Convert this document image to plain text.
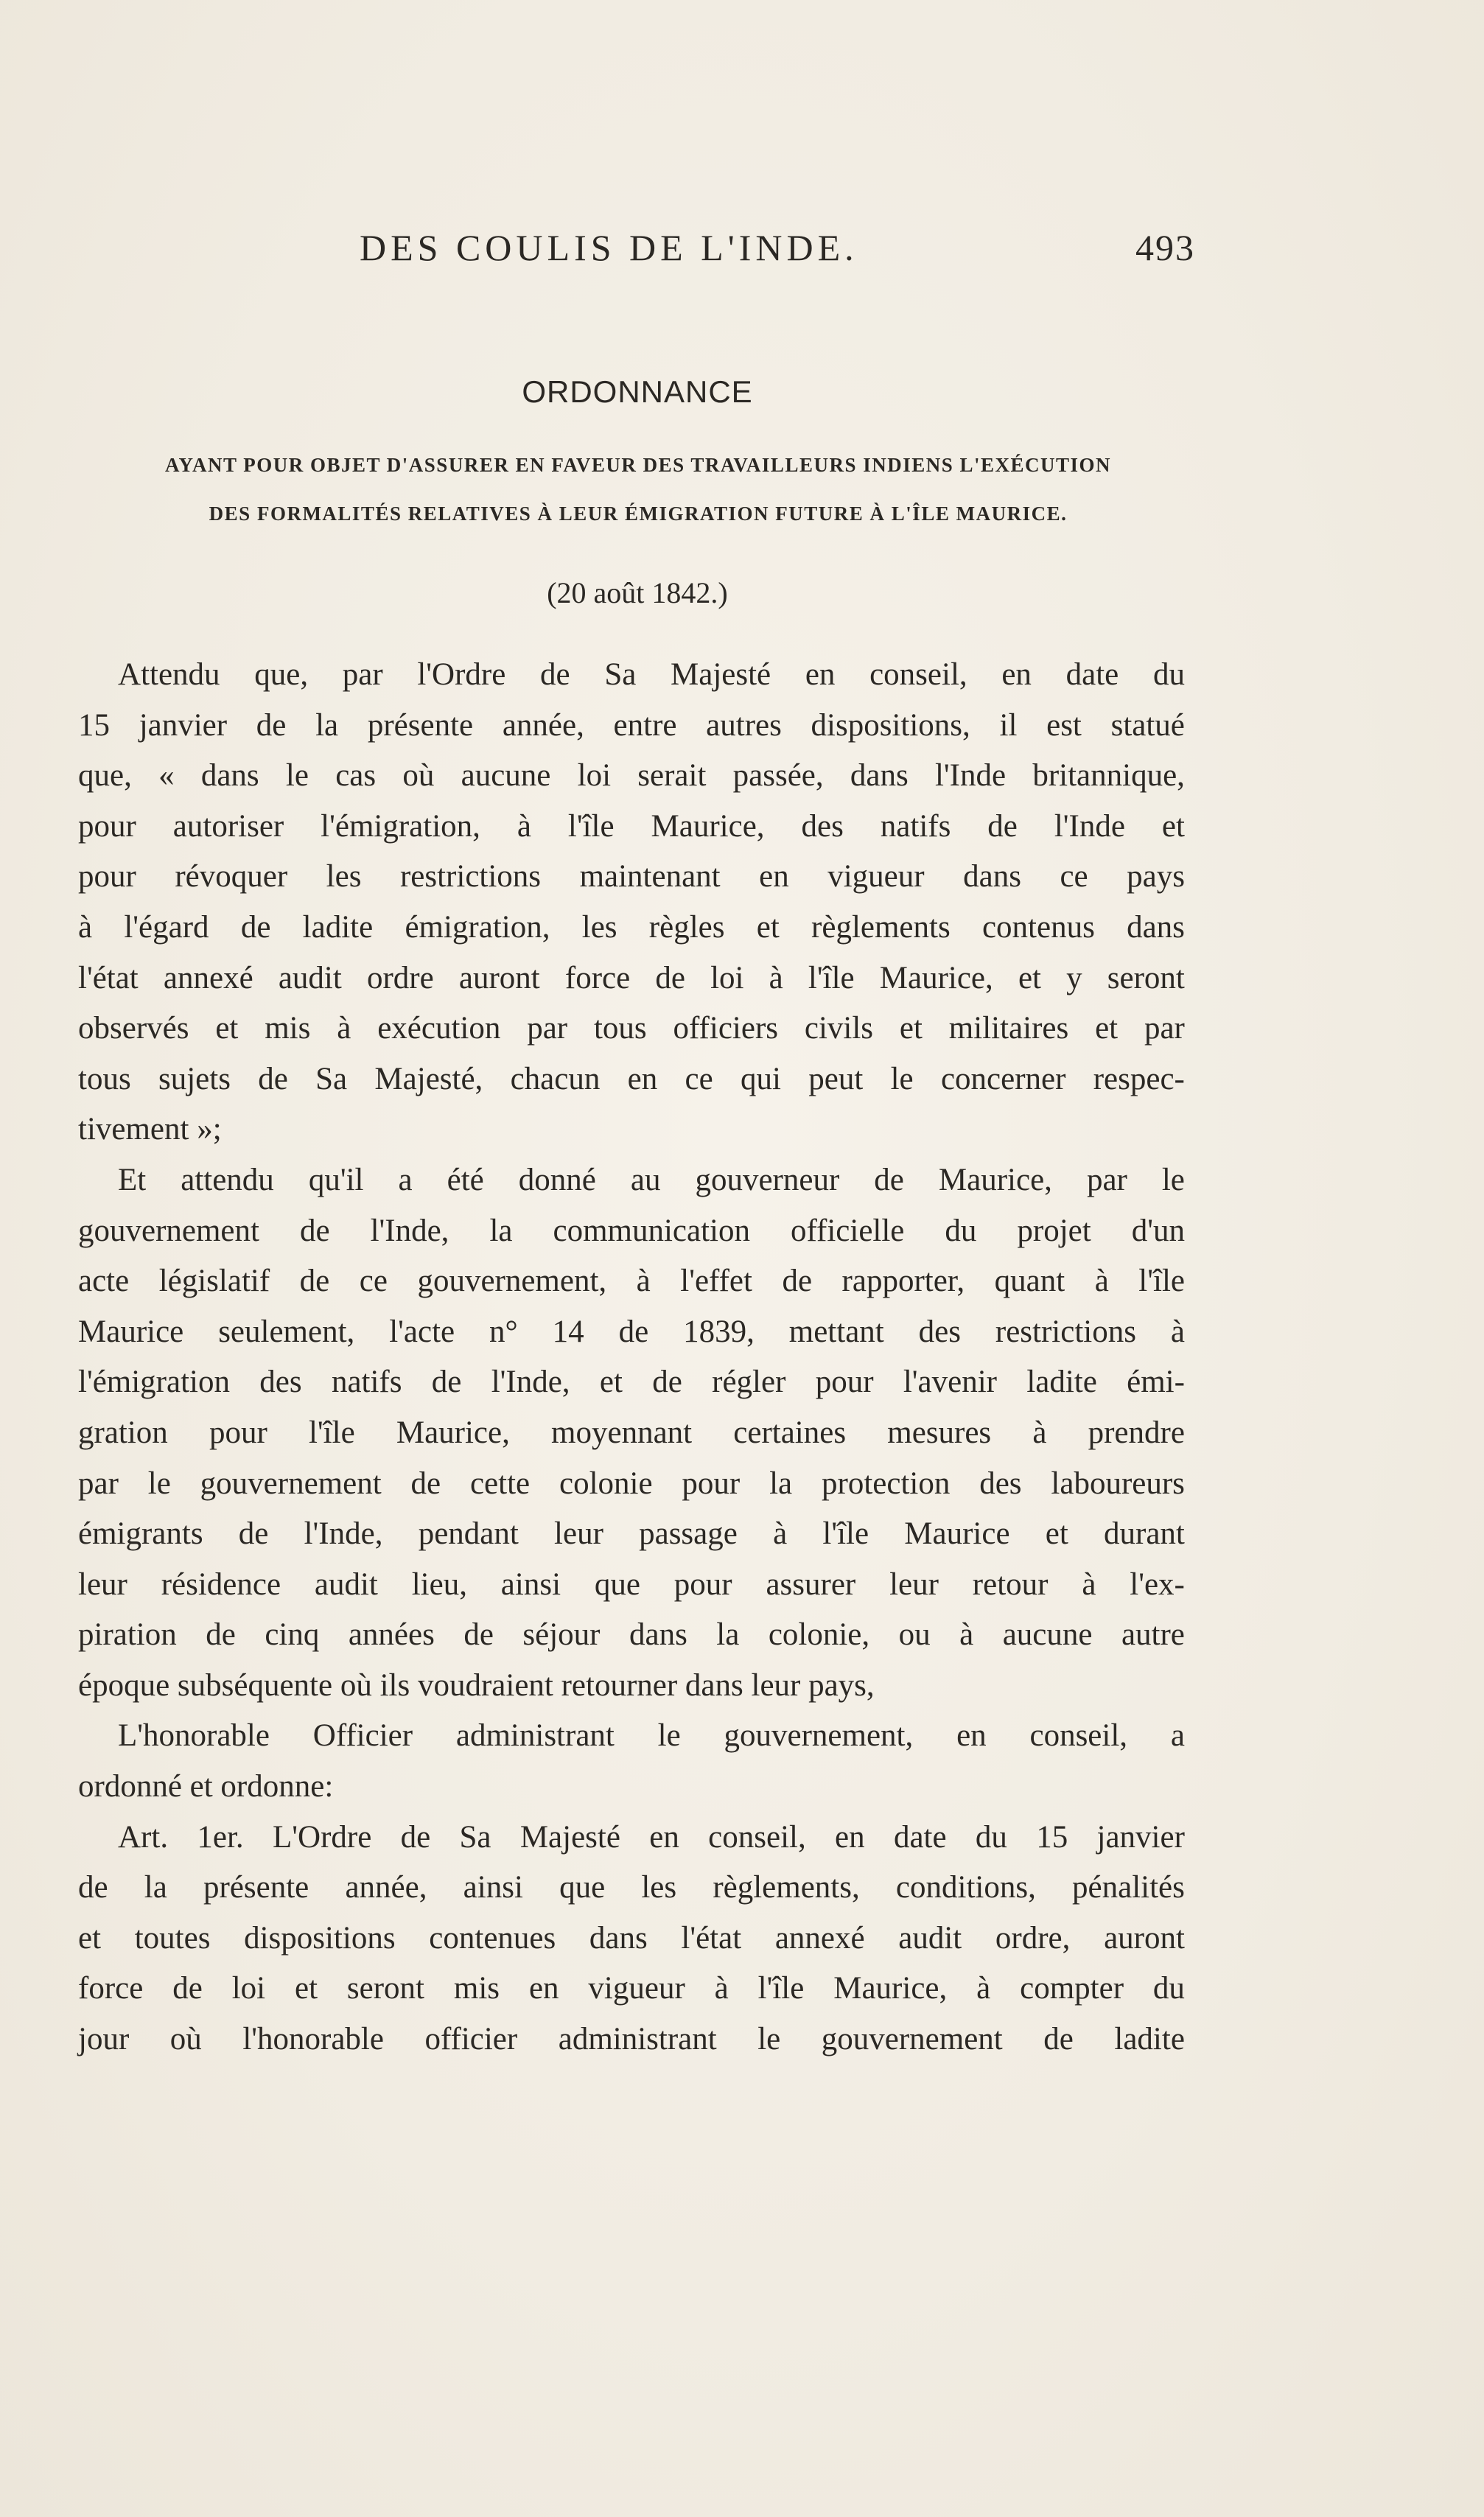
DES COULIS DE L'INDE.	493
ORDONNANCE
AYANT POUR OBJET D'ASSURER EN FAVEUR DES TRAVAILLEURS INDIENS L'EXÉCUTION
DES FORMALITÉS RELATIVES À LEUR ÉMIGRATION FUTURE À L'ÎLE MAURICE.
(20 août 1842.)
Attendu que, par l'Ordre de Sa Majesté en conseil, en date du
15 janvier de la présente année, entre autres dispositions, il est statué
que, « dans le cas où aucune loi serait passée, dans l'Inde britannique,
pour autoriser l'émigration, à l'île Maurice, des natifs de l'Inde et
pour révoquer les restrictions maintenant en vigueur dans ce pays
à l'égard de ladite émigration, les règles et règlements contenus dans
l'état annexé audit ordre auront force de loi à l'île Maurice, et y seront
observés et mis à exécution par tous officiers civils et militaires et par
tous sujets de Sa Majesté, chacun en ce qui peut le concerner respec-
tivement »;
Et attendu qu'il a été donné au gouverneur de Maurice, par le
gouvernement de l'Inde, la communication officielle du projet d'un
acte législatif de ce gouvernement, à l'effet de rapporter, quant à l'île
Maurice seulement, l'acte n° 14 de 1839, mettant des restrictions à
l'émigration des natifs de l'Inde, et de régler pour l'avenir ladite émi-
gration pour l'île Maurice, moyennant certaines mesures à prendre
par le gouvernement de cette colonie pour la protection des laboureurs
émigrants de l'Inde, pendant leur passage à l'île Maurice et durant
leur résidence audit lieu, ainsi que pour assurer leur retour à l'ex-
piration de cinq années de séjour dans la colonie, ou à aucune autre
époque subséquente où ils voudraient retourner dans leur pays,
L'honorable Officier administrant le gouvernement, en conseil, a
ordonné et ordonne:
Art. 1er. L'Ordre de Sa Majesté en conseil, en date du 15 janvier
de la présente année, ainsi que les règlements, conditions, pénalités
et toutes dispositions contenues dans l'état annexé audit ordre, auront
force de loi et seront mis en vigueur à l'île Maurice, à compter du
jour où l'honorable officier administrant le gouvernement de ladite
